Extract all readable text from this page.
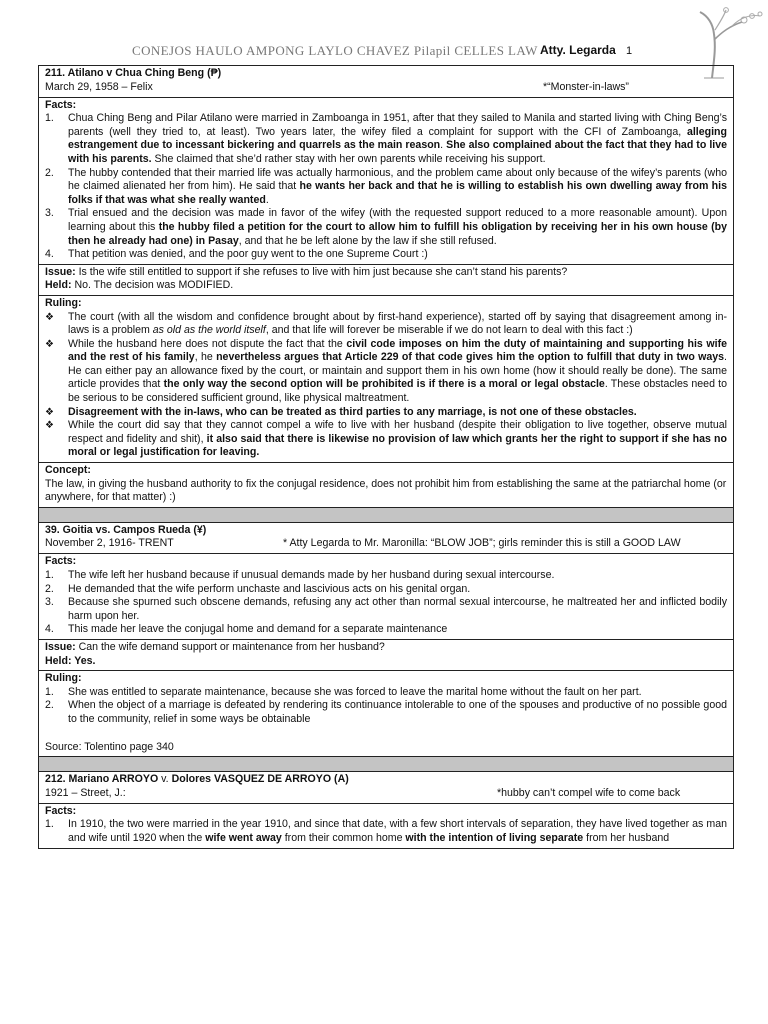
CONEJOS HAULO AMPONG LAYLO CHAVEZ Pilapil CELLES LAW Atty. Legarda 1
211. Atilano v Chua Ching Beng (₱)
March 29, 1958 – Felix	*“Monster-in-laws”
Facts:
1. Chua Ching Beng and Pilar Atilano were married in Zamboanga in 1951, after that they sailed to Manila and started living with Ching Beng’s parents (well they tried to, at least). Two years later, the wifey filed a complaint for support with the CFI of Zamboanga, alleging estrangement due to incessant bickering and quarrels as the main reason. She also complained about the fact that they had to live with his parents. She claimed that she’d rather stay with her own parents while receiving his support.
2. The hubby contended that their married life was actually harmonious, and the problem came about only because of the wifey’s parents (who he claimed alienated her from him). He said that he wants her back and that he is willing to establish his own dwelling away from his folks if that was what she really wanted.
3. Trial ensued and the decision was made in favor of the wifey (with the requested support reduced to a more reasonable amount). Upon learning about this the hubby filed a petition for the court to allow him to fulfill his obligation by receiving her in his own house (by then he already had one) in Pasay, and that he be left alone by the law if she still refused.
4. That petition was denied, and the poor guy went to the one Supreme Court :)
Issue: Is the wife still entitled to support if she refuses to live with him just because she can’t stand his parents?
Held: No. The decision was MODIFIED.
Ruling:
❖ The court (with all the wisdom and confidence brought about by first-hand experience), started off by saying that disagreement among in-laws is a problem as old as the world itself, and that life will forever be miserable if we do not learn to deal with this fact :)
❖ While the husband here does not dispute the fact that the civil code imposes on him the duty of maintaining and supporting his wife and the rest of his family, he nevertheless argues that Article 229 of that code gives him the option to fulfill that duty in two ways. He can either pay an allowance fixed by the court, or maintain and support them in his own home (how it should really be done). The same article provides that the only way the second option will be prohibited is if there is a moral or legal obstacle. These obstacles need to be serious to be considered sufficient ground, like physical maltreatment.
❖ Disagreement with the in-laws, who can be treated as third parties to any marriage, is not one of these obstacles.
❖ While the court did say that they cannot compel a wife to live with her husband (despite their obligation to live together, observe mutual respect and fidelity and shit), it also said that there is likewise no provision of law which grants her the right to support if she has no moral or legal justification for leaving.
Concept:
The law, in giving the husband authority to fix the conjugal residence, does not prohibit him from establishing the same at the patriarchal home (or anywhere, for that matter) :)
39. Goitia vs. Campos Rueda (¥)
November 2, 1916- TRENT	* Atty Legarda to Mr. Maronilla: “BLOW JOB”; girls reminder this is still a GOOD LAW
Facts:
1. The wife left her husband because if unusual demands made by her husband during sexual intercourse.
2. He demanded that the wife perform unchaste and lascivious acts on his genital organ.
3. Because she spurned such obscene demands, refusing any act other than normal sexual intercourse, he maltreated her and inflicted bodily harm upon her.
4. This made her leave the conjugal home and demand for a separate maintenance
Issue: Can the wife demand support or maintenance from her husband?
Held: Yes.
Ruling:
1. She was entitled to separate maintenance, because she was forced to leave the marital home without the fault on her part.
2. When the object of a marriage is defeated by rendering its continuance intolerable to one of the spouses and productive of no possible good to the community, relief in some ways be obtainable
Source: Tolentino page 340
212. Mariano ARROYO v. Dolores VASQUEZ DE ARROYO (A)
1921 – Street, J.:	*hubby can’t compel wife to come back
Facts:
1. In 1910, the two were married in the year 1910, and since that date, with a few short intervals of separation, they have lived together as man and wife until 1920 when the wife went away from their common home with the intention of living separate from her husband
